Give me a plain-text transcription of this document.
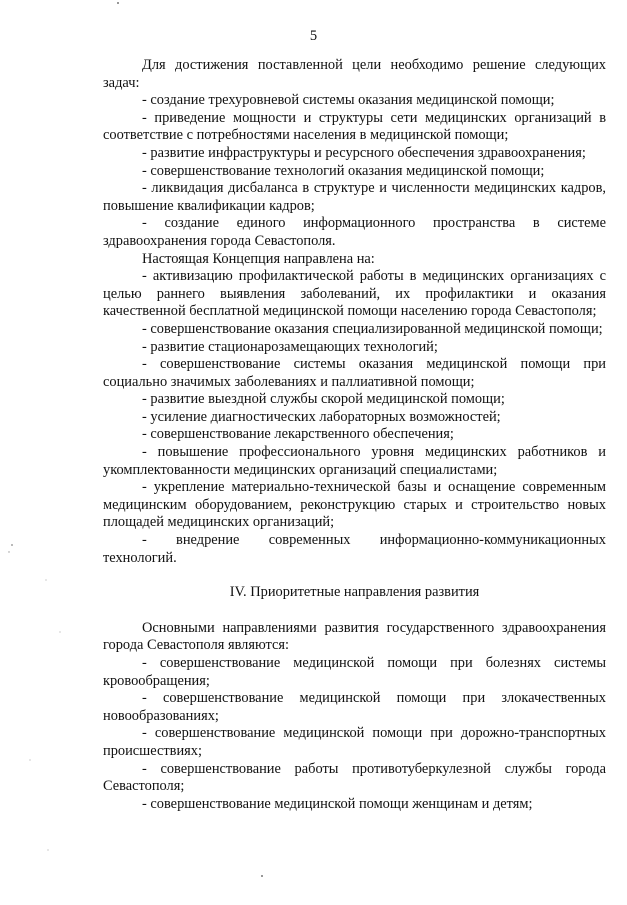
5

Для достижения поставленной цели необходимо решение следующих задач:

- создание трехуровневой системы оказания медицинской помощи;

- приведение мощности и структуры сети медицинских организаций в соответствие с потребностями населения в медицинской помощи;

- развитие инфраструктуры и ресурсного обеспечения здравоохранения;

- совершенствование технологий оказания медицинской помощи;

- ликвидация дисбаланса в структуре и численности медицинских кадров, повышение квалификации кадров;

- создание единого информационного пространства в системе здравоохранения города Севастополя.

Настоящая Концепция направлена на:

- активизацию профилактической работы в медицинских организациях с целью раннего выявления заболеваний, их профилактики и оказания качественной бесплатной медицинской помощи населению города Севастополя;

- совершенствование оказания специализированной медицинской помощи;

- развитие стационарозамещающих технологий;

- совершенствование системы оказания медицинской помощи при социально значимых заболеваниях и паллиативной помощи;

- развитие выездной службы скорой медицинской помощи;

- усиление диагностических лабораторных возможностей;

- совершенствование лекарственного обеспечения;

- повышение профессионального уровня медицинских работников и укомплектованности медицинских организаций специалистами;

- укрепление материально-технической базы и оснащение современным медицинским оборудованием, реконструкцию старых и строительство новых площадей медицинских организаций;

- внедрение современных информационно-коммуникационных технологий.

IV. Приоритетные направления развития

Основными направлениями развития государственного здравоохранения города Севастополя являются:

- совершенствование медицинской помощи при болезнях системы кровообращения;

- совершенствование медицинской помощи при злокачественных новообразованиях;

- совершенствование медицинской помощи при дорожно-транспортных происшествиях;

- совершенствование работы противотуберкулезной службы города Севастополя;

- совершенствование медицинской помощи женщинам и детям;
